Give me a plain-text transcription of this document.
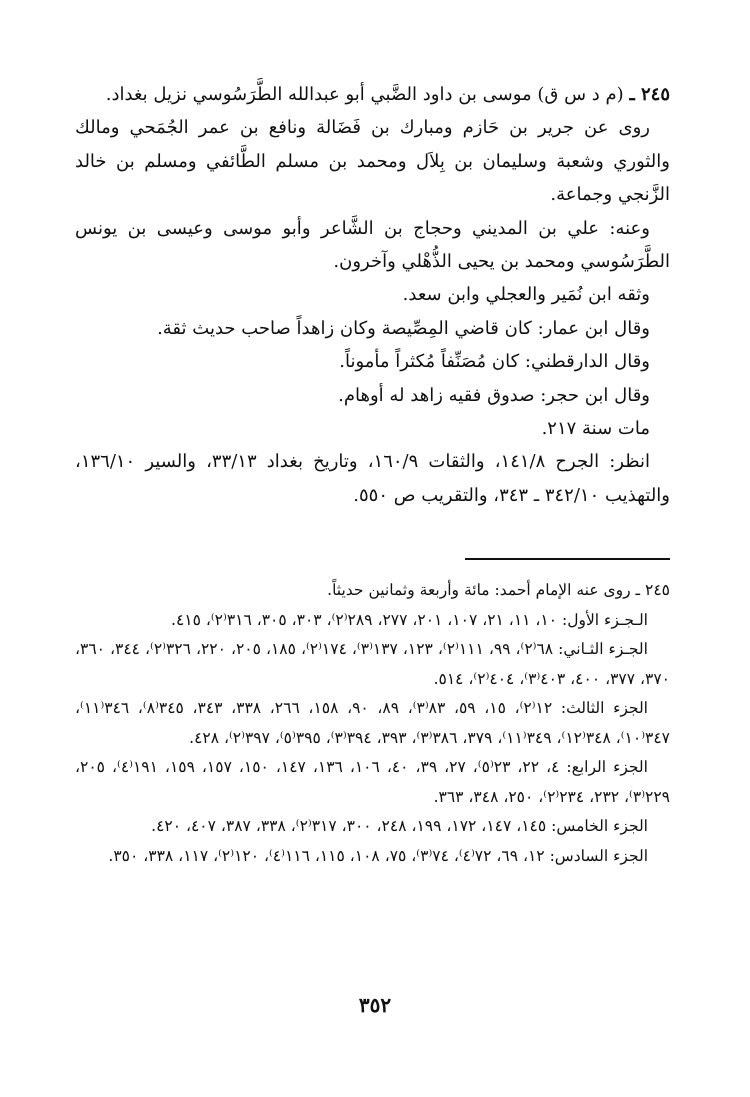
٢٤٥ ـ (م د س ق) موسى بن داود الضَّبي أبو عبدالله الطَّرَسُوسي نزيل بغداد.

روى عن جرير بن حَازم ومبارك بن فَضَالة ونافع بن عمر الجُمَحي ومالك والثوري وشعبة وسليمان بن بِلاَل ومحمد بن مسلم الطَّائفي ومسلم بن خالد الزَّنجي وجماعة.

وعنه: علي بن المديني وحجاج بن الشَّاعر وأبو موسى وعيسى بن يونس الطَّرَسُوسي ومحمد بن يحيى الذُّهْلي وآخرون.

وثقه ابن نُمَير والعجلي وابن سعد.

وقال ابن عمار: كان قاضي المِصِّيصة وكان زاهداً صاحب حديث ثقة.

وقال الدارقطني: كان مُصَنِّفاً مُكثراً مأموناً.

وقال ابن حجر: صدوق فقيه زاهد له أوهام.

مات سنة ٢١٧.

انظر: الجرح ١٤١/٨، والثقات ١٦٠/٩، وتاريخ بغداد ٣٣/١٣، والسير ١٣٦/١٠، والتهذيب ٣٤٢/١٠ ـ ٣٤٣، والتقريب ص ٥٥٠.

٢٤٥ ـ روى عنه الإمام أحمد: مائة وأربعة وثمانين حديثاً.

الـجـزء الأول: ١٠، ١١، ٢١، ١٠٧، ٢٠١، ٢٧٧، ٢٨٩⁽٢⁾، ٣٠٣، ٣٠٥، ٣١٦⁽٢⁾، ٤١٥.

الجـزء الثـاني: ٦٨⁽٢⁾، ٩٩، ١١١⁽٢⁾، ١٢٣، ١٣٧⁽٣⁾، ١٧٤⁽٢⁾، ١٨٥، ٢٠٥، ٢٢٠، ٣٢٦⁽٢⁾، ٣٤٤، ٣٦٠، ٣٧٠، ٣٧٧، ٤٠٠، ٤٠٣⁽٣⁾، ٤٠٤⁽٢⁾، ٥١٤.

الجزء الثالث: ١٢⁽٢⁾، ١٥، ٥٩، ٨٣⁽٣⁾، ٨٩، ٩٠، ١٥٨، ٢٦٦، ٣٣٨، ٣٤٣، ٣٤٥⁽٨⁾، ٣٤٦⁽١١⁾، ٣٤٧⁽١٠⁾، ٣٤٨⁽١٢⁾، ٣٤٩⁽١١⁾، ٣٧٩، ٣٨٦⁽٣⁾، ٣٩٣، ٣٩٤⁽٣⁾، ٣٩٥⁽٥⁾، ٣٩٧⁽٢⁾، ٤٢٨.

الجزء الرابع: ٤، ٢٢، ٢٣⁽٥⁾، ٢٧، ٣٩، ٤٠، ١٠٦، ١٣٦، ١٤٧، ١٥٠، ١٥٧، ١٥٩، ١٩١⁽٤⁾، ٢٠٥، ٢٢٩⁽٣⁾، ٢٣٢، ٢٣٤⁽٢⁾، ٢٥٠، ٣٤٨، ٣٦٣.

الجزء الخامس: ١٤٥، ١٤٧، ١٧٢، ١٩٩، ٢٤٨، ٣٠٠، ٣١٧⁽٢⁾، ٣٣٨، ٣٨٧، ٤٠٧، ٤٢٠.

الجزء السادس: ١٢، ٦٩، ٧٢⁽٤⁾، ٧٤⁽٣⁾، ٧٥، ١٠٨، ١١٥، ١١٦⁽٤⁾، ١٢٠⁽٢⁾، ١١٧، ٣٣٨، ٣٥٠.

٣٥٢
